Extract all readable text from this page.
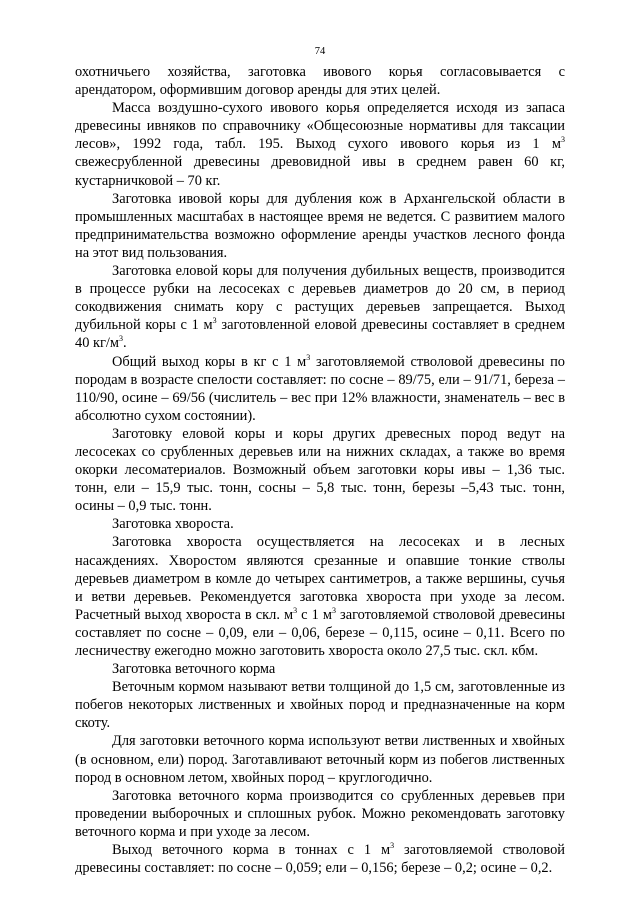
74

охотничьего хозяйства, заготовка ивового корья согласовывается с арендатором, оформившим договор аренды для этих целей.

Масса воздушно-сухого ивового корья определяется исходя из запаса древесины ивняков по справочнику «Общесоюзные нормативы для таксации лесов», 1992 года, табл. 195. Выход сухого ивового корья из 1 $м^3$ свежесрубленной древесины древовидной ивы в среднем равен 60 кг, кустарничковой – 70 кг.

Заготовка ивовой коры для дубления кож в Архангельской области в промышленных масштабах в настоящее время не ведется. С развитием малого предпринимательства возможно оформление аренды участков лесного фонда на этот вид пользования.

Заготовка еловой коры для получения дубильных веществ, производится в процессе рубки на лесосеках с деревьев диаметров до 20 см, в период сокодвижения снимать кору с растущих деревьев запрещается. Выход дубильной коры с 1 $м^3$ заготовленной еловой древесины составляет в среднем 40 $кг/м^3$.

Общий выход коры в кг с 1 $м^3$ заготовляемой стволовой древесины по породам в возрасте спелости составляет: по сосне – 89/75, ели – 91/71, береза – 110/90, осине – 69/56 (числитель – вес при 12% влажности, знаменатель – вес в абсолютно сухом состоянии).

Заготовку еловой коры и коры других древесных пород ведут на лесосеках со срубленных деревьев или на нижних складах, а также во время окорки лесоматериалов. Возможный объем заготовки коры ивы – 1,36 тыс. тонн, ели – 15,9 тыс. тонн, сосны – 5,8 тыс. тонн, березы –5,43 тыс. тонн, осины – 0,9 тыс. тонн.

Заготовка хвороста.

Заготовка хвороста осуществляется на лесосеках и в лесных насаждениях. Хворостом являются срезанные и опавшие тонкие стволы деревьев диаметром в комле до четырех сантиметров, а также вершины, сучья и ветви деревьев. Рекомендуется заготовка хвороста при уходе за лесом. Расчетный выход хвороста в скл. $м^3$ с 1 $м^3$ заготовляемой стволовой древесины составляет по сосне – 0,09, ели – 0,06, березе – 0,115, осине – 0,11. Всего по лесничеству ежегодно можно заготовить хвороста около 27,5 тыс. скл. кбм.

Заготовка веточного корма

Веточным кормом называют ветви толщиной до 1,5 см, заготовленные из побегов некоторых лиственных и хвойных пород и предназначенные на корм скоту.

Для заготовки веточного корма используют ветви лиственных и хвойных (в основном, ели) пород. Заготавливают веточный корм из побегов лиственных пород в основном летом, хвойных пород – круглогодично.

Заготовка веточного корма производится со срубленных деревьев при проведении выборочных и сплошных рубок. Можно рекомендовать заготовку веточного корма и при уходе за лесом.

Выход веточного корма в тоннах с 1 $м^3$ заготовляемой стволовой древесины составляет: по сосне – 0,059; ели – 0,156; березе – 0,2; осине – 0,2.
